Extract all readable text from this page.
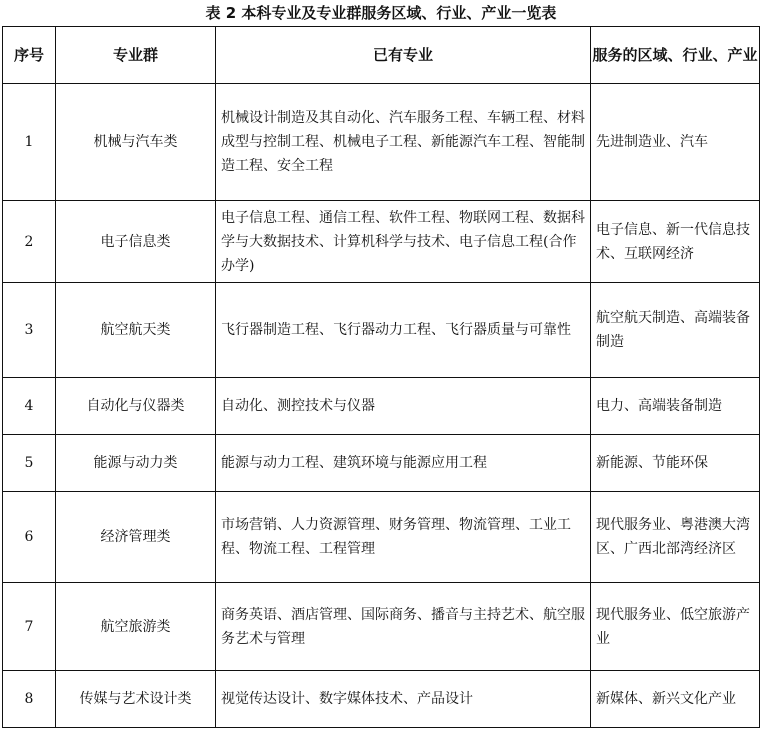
表 2 本科专业及专业群服务区域、行业、产业一览表
序号	专业群	已有专业	服务的区域、行业、产业
1	机械与汽车类	机械设计制造及其自动化、汽车服务工程、车辆工程、材料成型与控制工程、机械电子工程、新能源汽车工程、智能制造工程、安全工程	先进制造业、汽车
2	电子信息类	电子信息工程、通信工程、软件工程、物联网工程、数据科学与大数据技术、计算机科学与技术、电子信息工程(合作办学)	电子信息、新一代信息技术、互联网经济
3	航空航天类	飞行器制造工程、飞行器动力工程、飞行器质量与可靠性	航空航天制造、高端装备制造
4	自动化与仪器类	自动化、测控技术与仪器	电力、高端装备制造
5	能源与动力类	能源与动力工程、建筑环境与能源应用工程	新能源、节能环保
6	经济管理类	市场营销、人力资源管理、财务管理、物流管理、工业工程、物流工程、工程管理	现代服务业、粤港澳大湾区、广西北部湾经济区
7	航空旅游类	商务英语、酒店管理、国际商务、播音与主持艺术、航空服务艺术与管理	现代服务业、低空旅游产业
8	传媒与艺术设计类	视觉传达设计、数字媒体技术、产品设计	新媒体、新兴文化产业
